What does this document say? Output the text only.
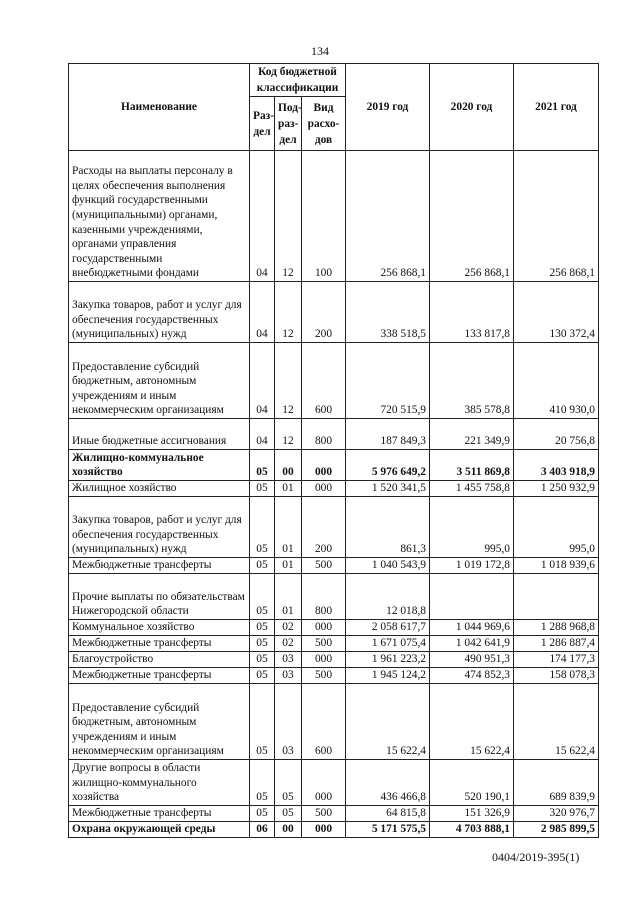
134
Наименование	Код бюджетной классификации			2019 год	2020 год	2021 год
	Раз-дел	Под-раз-дел	Вид расхо-дов			
Расходы на выплаты персоналу в целях обеспечения выполнения функций государственными (муниципальными) органами, казенными учреждениями, органами управления государственными внебюджетными фондами	04	12	100	256 868,1	256 868,1	256 868,1
Закупка товаров, работ и услуг для обеспечения государственных (муниципальных) нужд	04	12	200	338 518,5	133 817,8	130 372,4
Предоставление субсидий бюджетным, автономным учреждениям и иным некоммерческим организациям	04	12	600	720 515,9	385 578,8	410 930,0
Иные бюджетные ассигнования	04	12	800	187 849,3	221 349,9	20 756,8
Жилищно-коммунальное хозяйство	05	00	000	5 976 649,2	3 511 869,8	3 403 918,9
Жилищное хозяйство	05	01	000	1 520 341,5	1 455 758,8	1 250 932,9
Закупка товаров, работ и услуг для обеспечения государственных (муниципальных) нужд	05	01	200	861,3	995,0	995,0
Межбюджетные трансферты	05	01	500	1 040 543,9	1 019 172,8	1 018 939,6
Прочие выплаты по обязательствам Нижегородской области	05	01	800	12 018,8		
Коммунальное хозяйство	05	02	000	2 058 617,7	1 044 969,6	1 288 968,8
Межбюджетные трансферты	05	02	500	1 671 075,4	1 042 641,9	1 286 887,4
Благоустройство	05	03	000	1 961 223,2	490 951,3	174 177,3
Межбюджетные трансферты	05	03	500	1 945 124,2	474 852,3	158 078,3
Предоставление субсидий бюджетным, автономным учреждениям и иным некоммерческим организациям	05	03	600	15 622,4	15 622,4	15 622,4
Другие вопросы в области жилищно-коммунального хозяйства	05	05	000	436 466,8	520 190,1	689 839,9
Межбюджетные трансферты	05	05	500	64 815,8	151 326,9	320 976,7
Охрана окружающей среды	06	00	000	5 171 575,5	4 703 888,1	2 985 899,5
0404/2019-395(1)
